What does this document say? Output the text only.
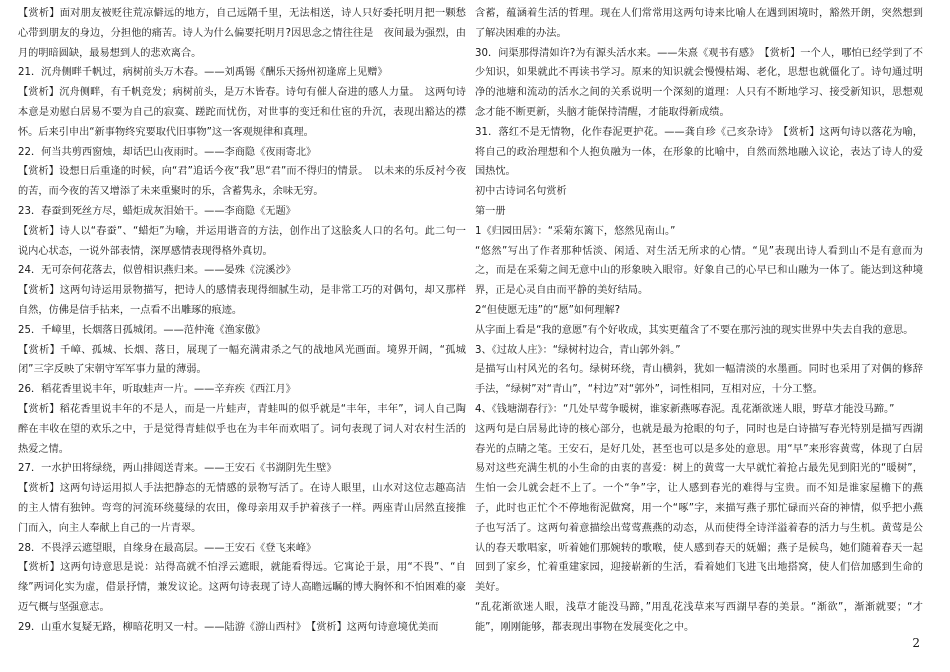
【赏析】面对朋友被贬往荒凉僻远的地方，自己远隔千里，无法相送，诗人只好委托明月把一颗愁心带到朋友的身边，分担他的痛苦。诗人为什么偏要托明月?因思念之情往往是　夜间最为强烈，由月的明暗圆缺，最易想到人的悲欢离合。

21．沉舟侧畔千帆过，病树前头万木春。——刘禹锡《酬乐天扬州初逢席上见赠》

【赏析】沉舟侧畔，有千帆竞发；病树前头，是万木皆春。诗句有催人奋进的感人力量。　这两句诗本意是劝慰白居易不要为自己的寂寞、蹉跎而忧伤，对世事的变迁和仕宦的升沉，表现出豁达的襟怀。后来引申出“新事物终究要取代旧事物”这一客观规律和真理。

22．何当共剪西窗烛，却话巴山夜雨时。——李商隐《夜雨寄北》

【赏析】设想日后重逢的时候，向“君”追话今夜“我”思“君”而不得归的情景。　以未来的乐反衬今夜的苦，而今夜的苦又增添了未来重聚时的乐，含蓄隽永，余味无穷。

23．春蚕到死丝方尽，蜡炬成灰泪始干。——李商隐《无题》

【赏析】诗人以“春蚕”、“蜡炬”为喻，并运用谐音的方法，创作出了这脍炙人口的名句。此二句一说内心状态，一说外部表情，深厚感情表现得格外真切。

24．无可奈何花落去，似曾相识燕归来。——晏殊《浣溪沙》

【赏析】这两句诗运用景物描写，把诗人的感情表现得细腻生动，是非常工巧的对偶句，却又那样自然，仿佛是信手拈来，一点看不出雕琢的痕迹。

25．千嶂里，长烟落日孤城闭。——范仲淹《渔家傲》

【赏析】千嶂、孤城、长烟、落日，展现了一幅充满肃杀之气的战地风光画面。境界开阔，“孤城闭”三字反映了宋朝守军军事力量的薄弱。

26．稻花香里说丰年，听取蛙声一片。——辛弃疾《西江月》

【赏析】稻花香里说丰年的不是人，而是一片蛙声，青蛙叫的似乎就是“丰年，丰年”，词人自己陶醉在丰收在望的欢乐之中，于是觉得青蛙似乎也在为丰年而欢唱了。词句表现了词人对农村生活的热爱之情。

27．一水护田将绿绕，两山排闼送青来。——王安石《书湖阴先生壁》

【赏析】这两句诗运用拟人手法把静态的无情感的景物写活了。在诗人眼里，山水对这位志趣高洁的主人情有独钟。弯弯的河流环绕蔓绿的农田，像母亲用双手护着孩子一样。两座青山居然直接推门而入，向主人奉献上自己的一片青翠。

28．不畏浮云遮望眼，自缘身在最高层。——王安石《登飞来峰》

【赏析】这两句诗意思是说：站得高就不怕浮云遮眼，就能看得远。它寓论于景，用“不畏”、“自缘”两词化实为虚，借景抒情，兼发议论。这两句诗表现了诗人高瞻远瞩的博大胸怀和不怕困难的豪迈气概与坚强意志。

29．山重水复疑无路，柳暗花明又一村。——陆游《游山西村》　【赏析】这两句诗意境优美而

含蓄，蕴涵着生活的哲理。现在人们常常用这两句诗来比喻人在遇到困境时，豁然开朗，突然想到了解决困难的办法。

30．问渠那得清如许?为有源头活水来。——朱熹《观书有感》　【赏析】一个人，哪怕已经学到了不少知识，如果就此不再读书学习。原来的知识就会慢慢枯竭、老化，思想也就僵化了。诗句通过明净的池塘和流动的活水之间的关系说明一个深刻的道理：人只有不断地学习、接受新知识，思想观念才能不断更新，头脑才能保持清醒，才能取得新成绩。

31．落红不是无情物，化作春泥更护花。——龚自珍《己亥杂诗》　【赏析】这两句诗以落花为喻，将自己的政治理想和个人抱负融为一体，在形象的比喻中，自然而然地融入议论，表达了诗人的爱国热忱。

初中古诗词名句赏析

第一册

1《归园田居》：“采菊东篱下，悠然见南山。”

“悠然”写出了作者那种恬淡、闲适、对生活无所求的心情。“见”表现出诗人看到山不是有意而为之，而是在采菊之间无意中山的形象映入眼帘。好象自己的心早已和山融为一体了。能达到这种境界，正是心灵自由而平静的美好结局。

2“但使愿无违”的“愿”如何理解?

从字面上看是“我的意愿”有个好收成，其实更蕴含了不要在那污浊的现实世界中失去自我的意思。

3、《过故人庄》：“绿树村边合，青山郭外斜。”

是描写山村风光的名句。绿树环绕，青山横斜，犹如一幅清淡的水墨画。同时也采用了对偶的修辞手法，“绿树”对“青山”，“村边”对“郭外”，词性相同，互相对应，十分工整。

4、《钱塘湖春行》：“几处早莺争暖树，谁家新燕啄春泥。乱花渐欲迷人眼，野草才能没马蹄。”

这两句是白居易此诗的核心部分，也就是最为抢眼的句子，同时也是白诗描写春光特别是描写西湖春光的点睛之笔。王安石，是好几处，甚至也可以是多处的意思。用“早”来形容黄莺，体现了白居易对这些充满生机的小生命的由衷的喜爱：树上的黄莺一大早就忙着抢占最先见到阳光的“暖树”，生怕一会儿就会赶不上了。一个“争”字，让人感到春光的难得与宝贵。而不知是谁家屋檐下的燕子，此时也正忙个不停地衔泥做窝，用一个“啄”字，来描写燕子那忙碌而兴奋的神情，似乎把小燕子也写活了。这两句着意描绘出莺莺燕燕的动态，从而使得全诗洋溢着春的活力与生机。黄莺是公认的春天歌唱家，听着她们那婉转的歌喉，使人感到春天的妩媚；燕子是候鸟，她们随着春天一起回到了家乡，忙着重建家园，迎接崭新的生活，看着她们飞进飞出地搭窝，使人们倍加感到生命的美好。

“乱花渐欲迷人眼，浅草才能没马蹄，”用乱花浅草来写西湖早春的美景。“渐欲”，渐渐就要；“才能”，刚刚能够，都表现出事物在发展变化之中。

2
